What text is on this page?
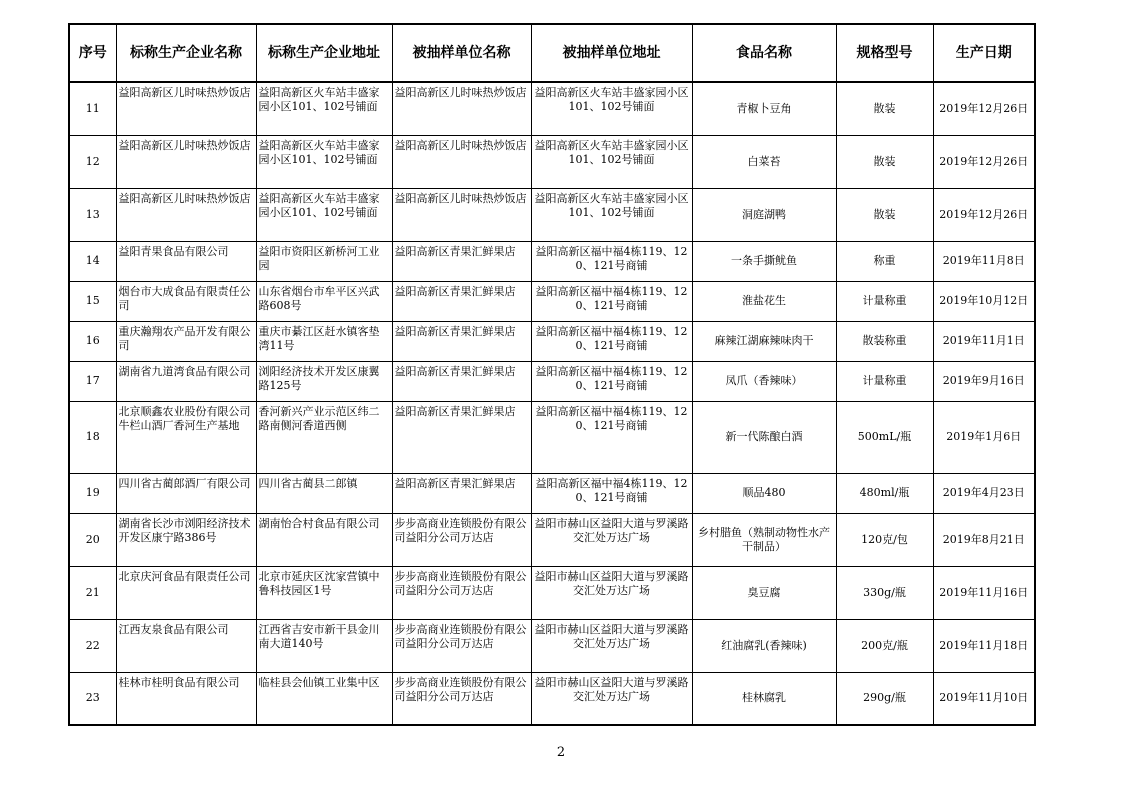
序号	标称生产企业名称	标称生产企业地址	被抽样单位名称	被抽样单位地址	食品名称	规格型号	生产日期
11	益阳高新区儿时味热炒饭店	益阳高新区火车站丰盛家园小区101、102号铺面	益阳高新区儿时味热炒饭店	益阳高新区火车站丰盛家园小区101、102号铺面	青椒卜豆角	散装	2019年12月26日
12	益阳高新区儿时味热炒饭店	益阳高新区火车站丰盛家园小区101、102号铺面	益阳高新区儿时味热炒饭店	益阳高新区火车站丰盛家园小区101、102号铺面	白菜苔	散装	2019年12月26日
13	益阳高新区儿时味热炒饭店	益阳高新区火车站丰盛家园小区101、102号铺面	益阳高新区儿时味热炒饭店	益阳高新区火车站丰盛家园小区101、102号铺面	洞庭湖鸭	散装	2019年12月26日
14	益阳青果食品有限公司	益阳市资阳区新桥河工业园	益阳高新区青果汇鲜果店	益阳高新区福中福4栋119、120、121号商铺	一条手撕鱿鱼	称重	2019年11月8日
15	烟台市大成食品有限责任公司	山东省烟台市牟平区兴武路608号	益阳高新区青果汇鲜果店	益阳高新区福中福4栋119、120、121号商铺	淮盐花生	计量称重	2019年10月12日
16	重庆瀚翔农产品开发有限公司	重庆市綦江区赶水镇客垫湾11号	益阳高新区青果汇鲜果店	益阳高新区福中福4栋119、120、121号商铺	麻辣江湖麻辣味肉干	散装称重	2019年11月1日
17	湖南省九道湾食品有限公司	浏阳经济技术开发区康翼路125号	益阳高新区青果汇鲜果店	益阳高新区福中福4栋119、120、121号商铺	凤爪（香辣味）	计量称重	2019年9月16日
18	北京顺鑫农业股份有限公司牛栏山酒厂香河生产基地	香河新兴产业示范区纬二路南侧河香道西侧	益阳高新区青果汇鲜果店	益阳高新区福中福4栋119、120、121号商铺	新一代陈酿白酒	500mL/瓶	2019年1月6日
19	四川省古蔺郎酒厂有限公司	四川省古蔺县二郎镇	益阳高新区青果汇鲜果店	益阳高新区福中福4栋119、120、121号商铺	顺品480	480ml/瓶	2019年4月23日
20	湖南省长沙市浏阳经济技术开发区康宁路386号	湖南怡合村食品有限公司	步步高商业连锁股份有限公司益阳分公司万达店	益阳市赫山区益阳大道与罗溪路交汇处万达广场	乡村腊鱼（熟制动物性水产干制品）	120克/包	2019年8月21日
21	北京庆河食品有限责任公司	北京市延庆区沈家营镇中鲁科技园区1号	步步高商业连锁股份有限公司益阳分公司万达店	益阳市赫山区益阳大道与罗溪路交汇处万达广场	臭豆腐	330g/瓶	2019年11月16日
22	江西友泉食品有限公司	江西省吉安市新干县金川南大道140号	步步高商业连锁股份有限公司益阳分公司万达店	益阳市赫山区益阳大道与罗溪路交汇处万达广场	红油腐乳(香辣味)	200克/瓶	2019年11月18日
23	桂林市桂明食品有限公司	临桂县会仙镇工业集中区	步步高商业连锁股份有限公司益阳分公司万达店	益阳市赫山区益阳大道与罗溪路交汇处万达广场	桂林腐乳	290g/瓶	2019年11月10日
2
